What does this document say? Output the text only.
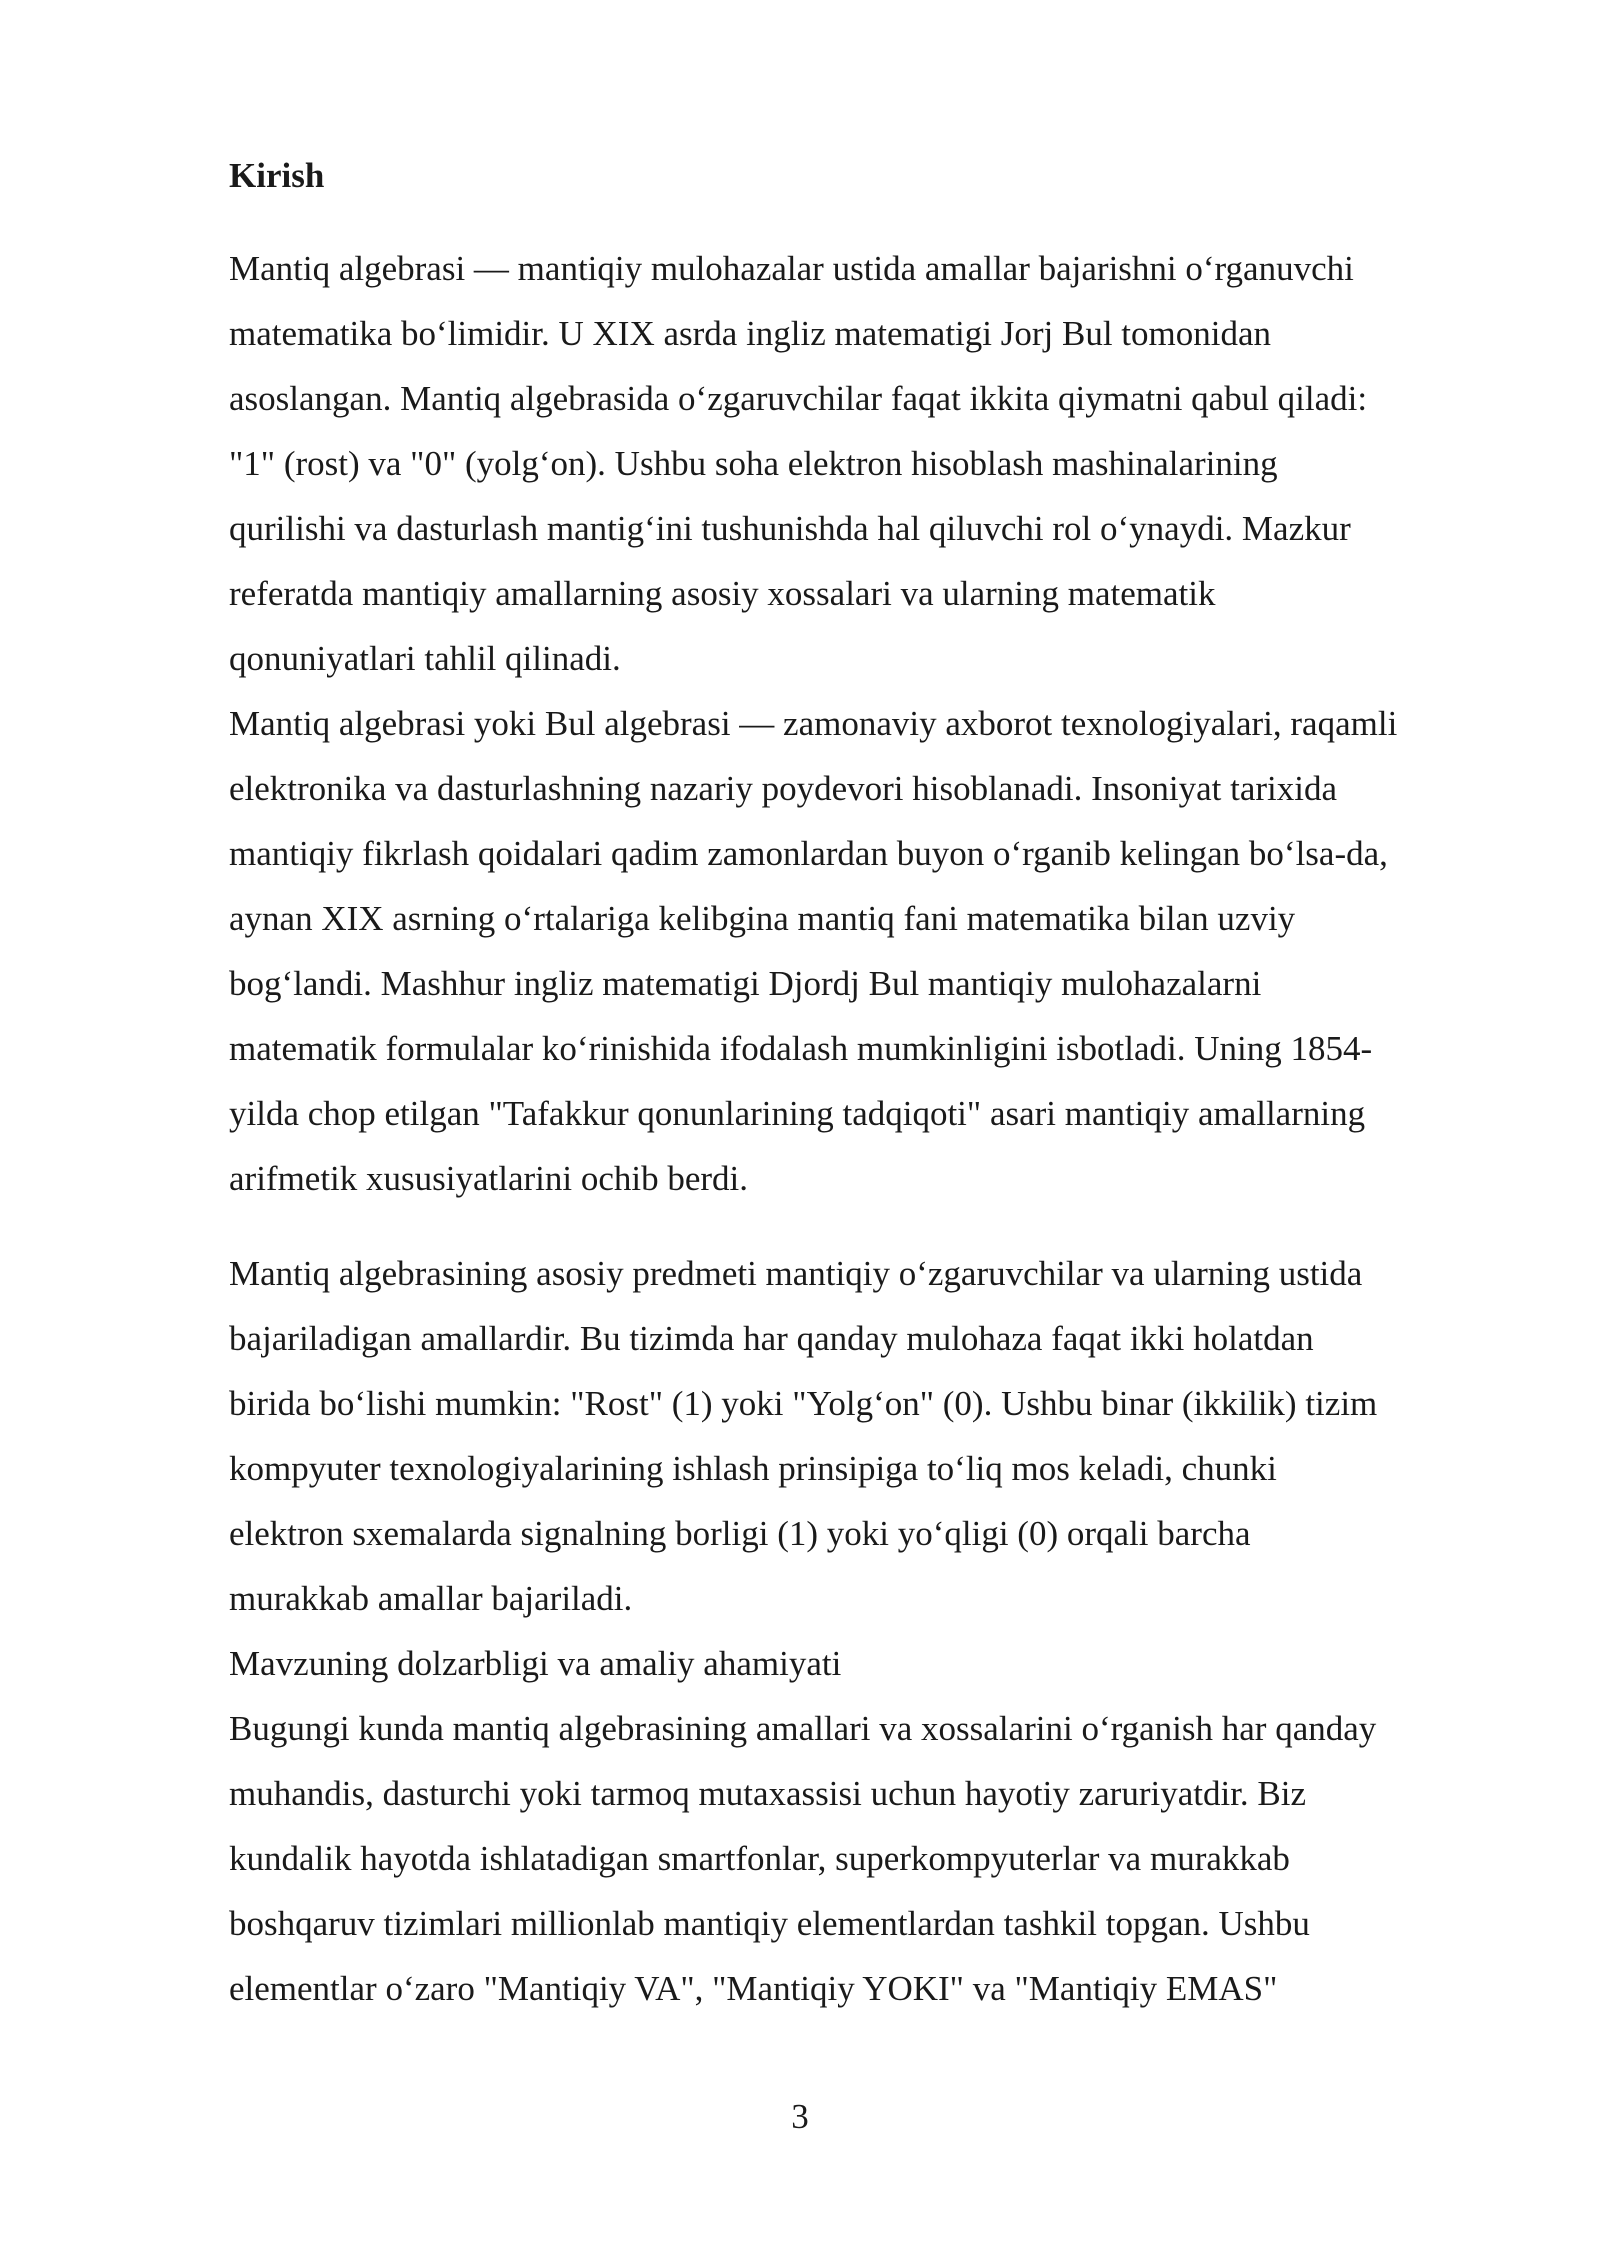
Kirish

Mantiq algebrasi — mantiqiy mulohazalar ustida amallar bajarishni o‘rganuvchi
matematika bo‘limidir. U XIX asrda ingliz matematigi Jorj Bul tomonidan
asoslangan. Mantiq algebrasida o‘zgaruvchilar faqat ikkita qiymatni qabul qiladi:
"1" (rost) va "0" (yolg‘on). Ushbu soha elektron hisoblash mashinalarining
qurilishi va dasturlash mantig‘ini tushunishda hal qiluvchi rol o‘ynaydi. Mazkur
referatda mantiqiy amallarning asosiy xossalari va ularning matematik
qonuniyatlari tahlil qilinadi.

Mantiq algebrasi yoki Bul algebrasi — zamonaviy axborot texnologiyalari, raqamli
elektronika va dasturlashning nazariy poydevori hisoblanadi. Insoniyat tarixida
mantiqiy fikrlash qoidalari qadim zamonlardan buyon o‘rganib kelingan bo‘lsa-da,
aynan XIX asrning o‘rtalariga kelibgina mantiq fani matematika bilan uzviy
bog‘landi. Mashhur ingliz matematigi Djordj Bul mantiqiy mulohazalarni
matematik formulalar ko‘rinishida ifodalash mumkinligini isbotladi. Uning 1854-
yilda chop etilgan "Tafakkur qonunlarining tadqiqoti" asari mantiqiy amallarning
arifmetik xususiyatlarini ochib berdi.

Mantiq algebrasining asosiy predmeti mantiqiy o‘zgaruvchilar va ularning ustida
bajariladigan amallardir. Bu tizimda har qanday mulohaza faqat ikki holatdan
birida bo‘lishi mumkin: "Rost" (1) yoki "Yolg‘on" (0). Ushbu binar (ikkilik) tizim
kompyuter texnologiyalarining ishlash prinsipiga to‘liq mos keladi, chunki
elektron sxemalarda signalning borligi (1) yoki yo‘qligi (0) orqali barcha
murakkab amallar bajariladi.

Mavzuning dolzarbligi va amaliy ahamiyati

Bugungi kunda mantiq algebrasining amallari va xossalarini o‘rganish har qanday
muhandis, dasturchi yoki tarmoq mutaxassisi uchun hayotiy zaruriyatdir. Biz
kundalik hayotda ishlatadigan smartfonlar, superkompyuterlar va murakkab
boshqaruv tizimlari millionlab mantiqiy elementlardan tashkil topgan. Ushbu
elementlar o‘zaro "Mantiqiy VA", "Mantiqiy YOKI" va "Mantiqiy EMAS"

3
